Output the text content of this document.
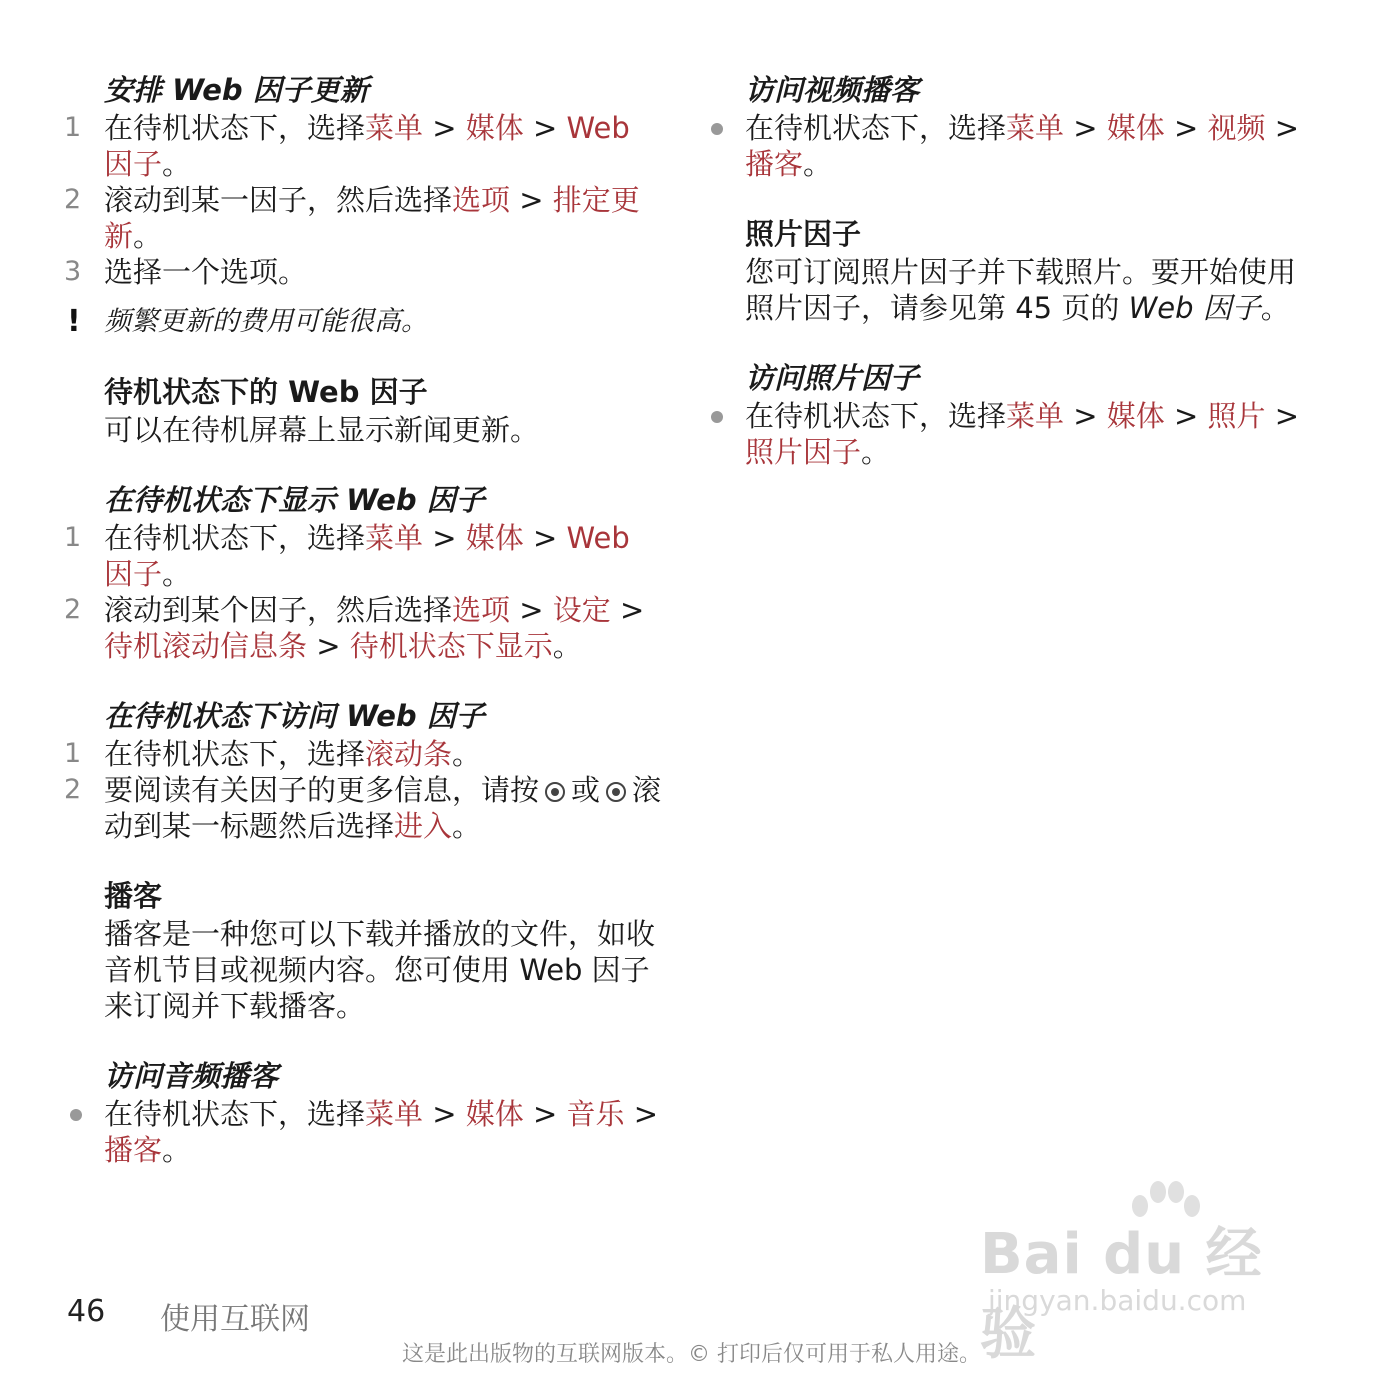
安排 Web 因子更新
1 在待机状态下，选择菜单 > 媒体 > Web 因子。
2 滚动到某一因子，然后选择选项 > 排定更新。
3 选择一个选项。
! 频繁更新的费用可能很高。
待机状态下的 Web 因子
可以在待机屏幕上显示新闻更新。
在待机状态下显示 Web 因子
1 在待机状态下，选择菜单 > 媒体 > Web 因子。
2 滚动到某个因子，然后选择选项 > 设定 > 待机滚动信息条 > 待机状态下显示。
在待机状态下访问 Web 因子
1 在待机状态下，选择滚动条。
2 要阅读有关因子的更多信息，请按 或 滚动到某一标题然后选择进入。
播客
播客是一种您可以下载并播放的文件，如收音机节目或视频内容。您可使用 Web 因子来订阅并下载播客。
访问音频播客
在待机状态下，选择菜单 > 媒体 > 音乐 > 播客。
访问视频播客
在待机状态下，选择菜单 > 媒体 > 视频 > 播客。
照片因子
您可订阅照片因子并下载照片。要开始使用照片因子，请参见第 45 页的 Web 因子。
访问照片因子
在待机状态下，选择菜单 > 媒体 > 照片 > 照片因子。
Bai du 经验
jingyan.baidu.com
46 使用互联网
这是此出版物的互联网版本。© 打印后仅可用于私人用途。
